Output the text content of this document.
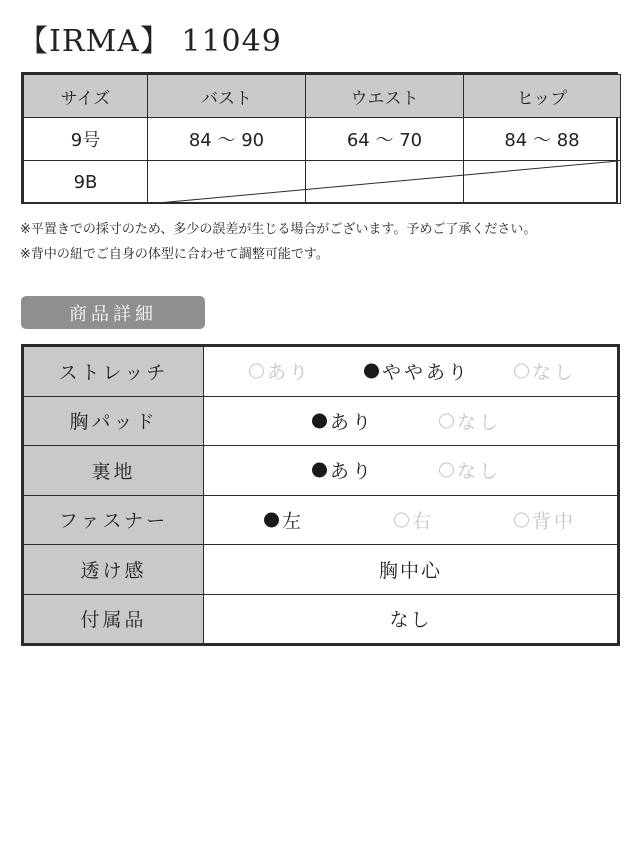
【IRMA】 11049
サイズ	バスト	ウエスト	ヒップ
9号	84 ～ 90	64 ～ 70	84 ～ 88
9B			
※平置きでの採寸のため、多少の誤差が生じる場合がございます。予めご了承ください。
※背中の紐でご自身の体型に合わせて調整可能です。
商品詳細
ストレッチ	あり ややあり なし

胸パッド	あり なし

裏地	あり なし

ファスナー	左 右 背中

透け感	胸中心
付属品	なし
